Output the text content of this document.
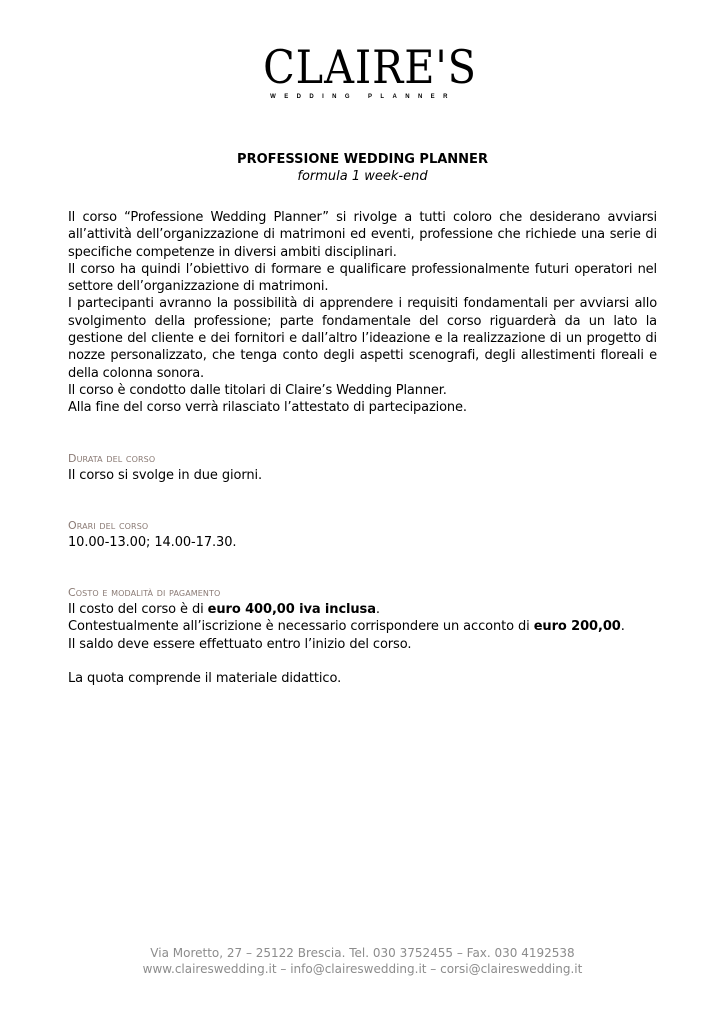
CLAIRE'S
WEDDING PLANNER
PROFESSIONE WEDDING PLANNER
formula 1 week-end

Il corso “Professione Wedding Planner” si rivolge a tutti coloro che desiderano avviarsi all’attività dell’organizzazione di matrimoni ed eventi, professione che richiede una serie di specifiche competenze in diversi ambiti disciplinari.

Il corso ha quindi l’obiettivo di formare e qualificare professionalmente futuri operatori nel settore dell’organizzazione di matrimoni.

I partecipanti avranno la possibilità di apprendere i requisiti fondamentali per avviarsi allo svolgimento della professione; parte fondamentale del corso riguarderà da un lato la gestione del cliente e dei fornitori e dall’altro l’ideazione e la realizzazione di un progetto di nozze personalizzato, che tenga conto degli aspetti scenografi, degli allestimenti floreali e della colonna sonora.

Il corso è condotto dalle titolari di Claire’s Wedding Planner.

Alla fine del corso verrà rilasciato l’attestato di partecipazione.

Durata del corso

Il corso si svolge in due giorni.

Orari del corso

10.00-13.00; 14.00-17.30.

Costo e modalità di pagamento

Il costo del corso è di euro 400,00 iva inclusa.

Contestualmente all’iscrizione è necessario corrispondere un acconto di euro 200,00.

Il saldo deve essere effettuato entro l’inizio del corso.

La quota comprende il materiale didattico.

Via Moretto, 27 – 25122 Brescia. Tel. 030 3752455 – Fax. 030 4192538
www.claireswedding.it – info@claireswedding.it – corsi@claireswedding.it
